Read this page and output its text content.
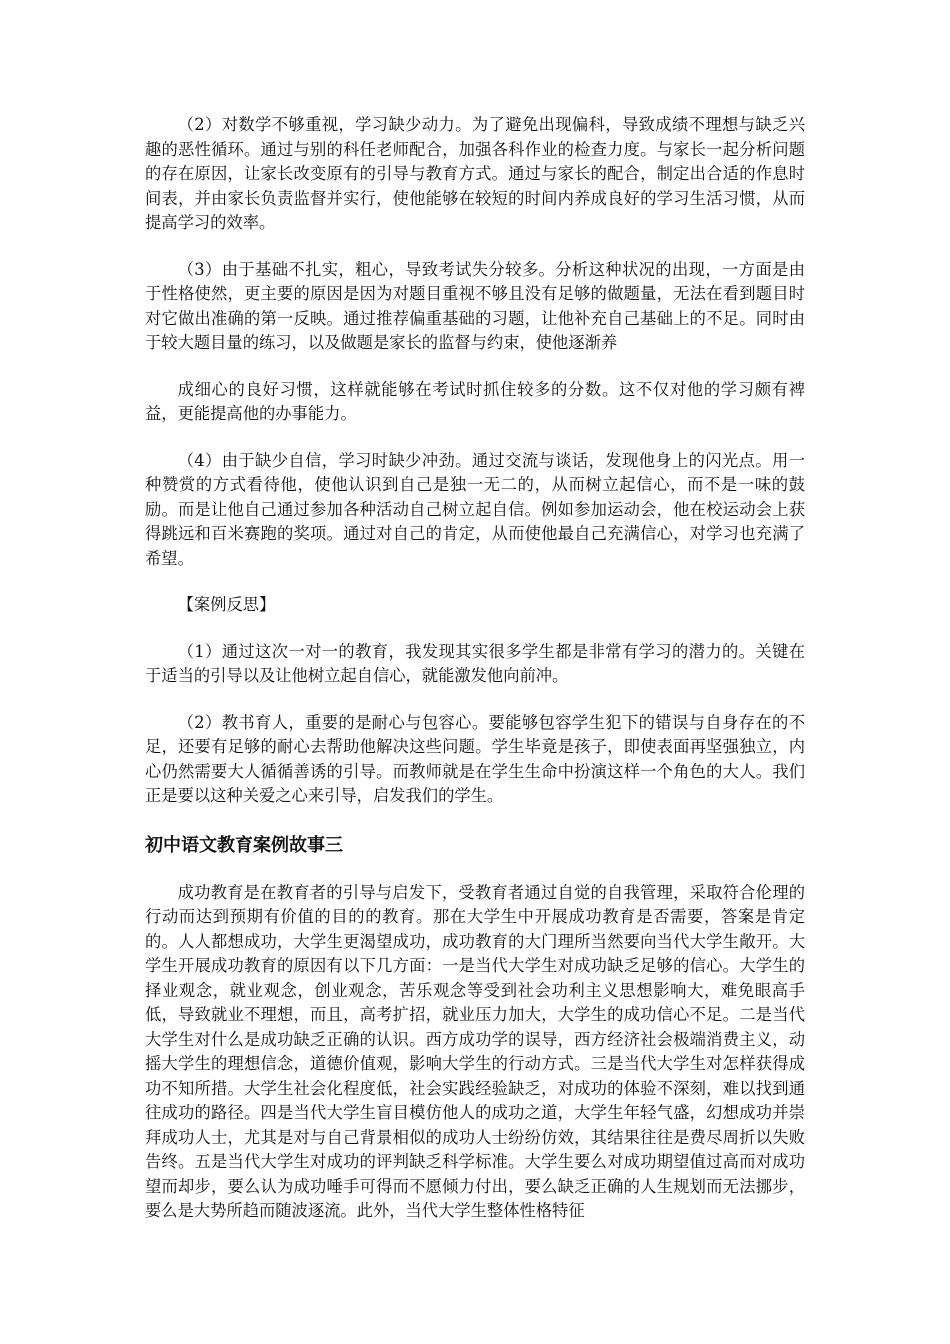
（2）对数学不够重视，学习缺少动力。为了避免出现偏科，导致成绩不理想与缺乏兴趣的恶性循环。通过与别的科任老师配合，加强各科作业的检查力度。与家长一起分析问题的存在原因，让家长改变原有的引导与教育方式。通过与家长的配合，制定出合适的作息时间表，并由家长负责监督并实行，使他能够在较短的时间内养成良好的学习生活习惯，从而提高学习的效率。

（3）由于基础不扎实，粗心，导致考试失分较多。分析这种状况的出现，一方面是由于性格使然，更主要的原因是因为对题目重视不够且没有足够的做题量，无法在看到题目时对它做出准确的第一反映。通过推荐偏重基础的习题，让他补充自己基础上的不足。同时由于较大题目量的练习，以及做题是家长的监督与约束，使他逐渐养

成细心的良好习惯，这样就能够在考试时抓住较多的分数。这不仅对他的学习颇有裨益，更能提高他的办事能力。

（4）由于缺少自信，学习时缺少冲劲。通过交流与谈话，发现他身上的闪光点。用一种赞赏的方式看待他，使他认识到自己是独一无二的，从而树立起信心，而不是一味的鼓励。而是让他自己通过参加各种活动自己树立起自信。例如参加运动会，他在校运动会上获得跳远和百米赛跑的奖项。通过对自己的肯定，从而使他最自己充满信心，对学习也充满了希望。

【案例反思】

（1）通过这次一对一的教育，我发现其实很多学生都是非常有学习的潜力的。关键在于适当的引导以及让他树立起自信心，就能激发他向前冲。

（2）教书育人，重要的是耐心与包容心。要能够包容学生犯下的错误与自身存在的不足，还要有足够的耐心去帮助他解决这些问题。学生毕竟是孩子，即使表面再坚强独立，内心仍然需要大人循循善诱的引导。而教师就是在学生生命中扮演这样一个角色的大人。我们正是要以这种关爱之心来引导，启发我们的学生。

初中语文教育案例故事三

成功教育是在教育者的引导与启发下，受教育者通过自觉的自我管理，采取符合伦理的行动而达到预期有价值的目的的教育。那在大学生中开展成功教育是否需要，答案是肯定的。人人都想成功，大学生更渴望成功，成功教育的大门理所当然要向当代大学生敞开。大学生开展成功教育的原因有以下几方面：一是当代大学生对成功缺乏足够的信心。大学生的择业观念，就业观念，创业观念，苦乐观念等受到社会功利主义思想影响大，难免眼高手低，导致就业不理想，而且，高考扩招，就业压力加大，大学生的成功信心不足。二是当代大学生对什么是成功缺乏正确的认识。西方成功学的误导，西方经济社会极端消费主义，动摇大学生的理想信念，道德价值观，影响大学生的行动方式。三是当代大学生对怎样获得成功不知所措。大学生社会化程度低，社会实践经验缺乏，对成功的体验不深刻，难以找到通往成功的路径。四是当代大学生盲目模仿他人的成功之道，大学生年轻气盛，幻想成功并崇拜成功人士，尤其是对与自己背景相似的成功人士纷纷仿效，其结果往往是费尽周折以失败告终。五是当代大学生对成功的评判缺乏科学标准。大学生要么对成功期望值过高而对成功望而却步，要么认为成功唾手可得而不愿倾力付出，要么缺乏正确的人生规划而无法挪步，要么是大势所趋而随波逐流。此外，当代大学生整体性格特征
